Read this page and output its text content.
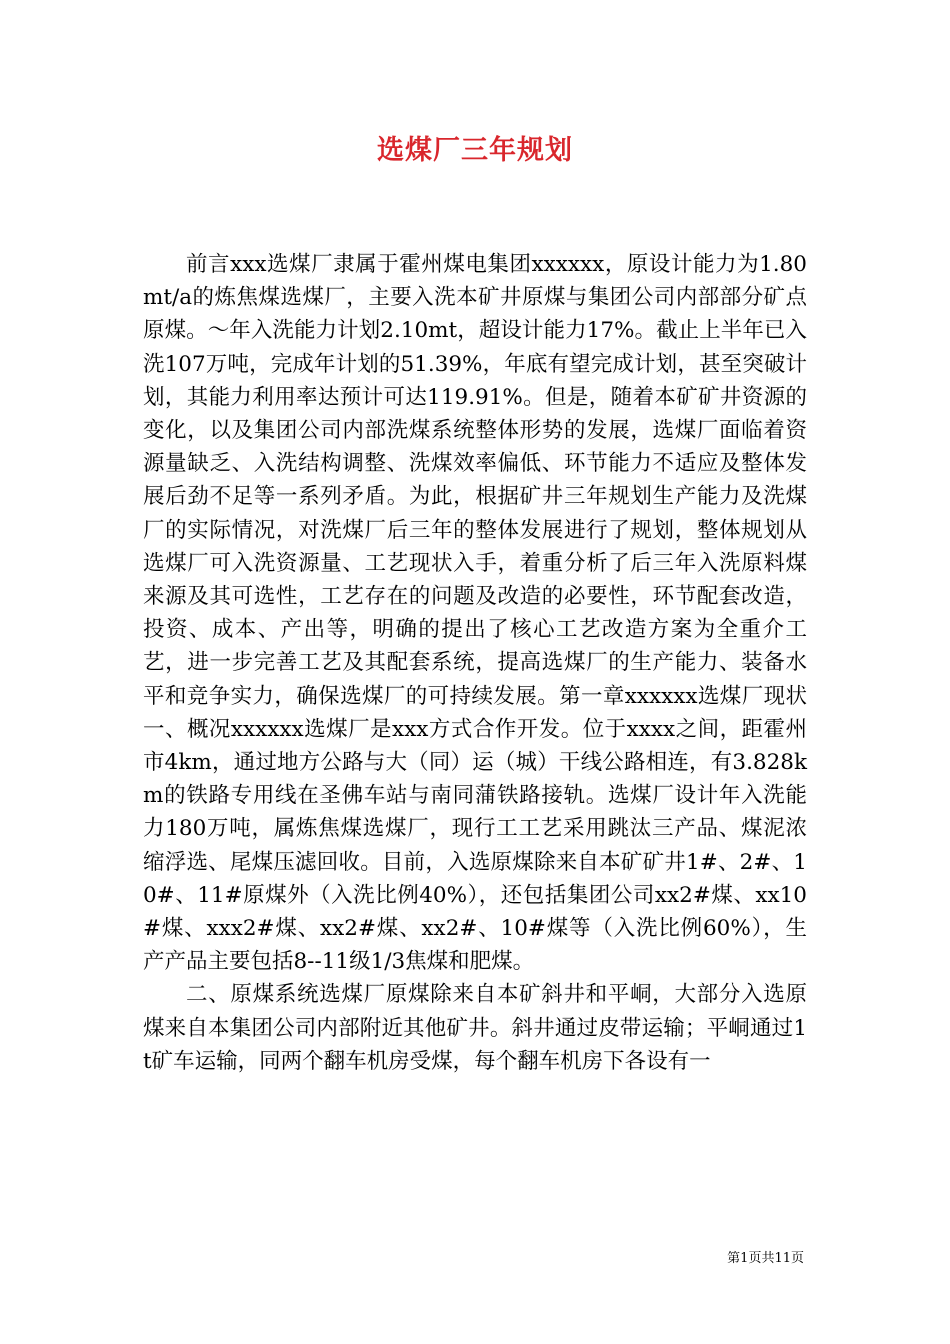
选煤厂三年规划

前言xxx选煤厂隶属于霍州煤电集团xxxxxx，原设计能力为1.80mt/a的炼焦煤选煤厂，主要入洗本矿井原煤与集团公司内部部分矿点原煤。～年入洗能力计划2.10mt，超设计能力17%。截止上半年已入洗107万吨，完成年计划的51.39%，年底有望完成计划，甚至突破计划，其能力利用率达预计可达119.91%。但是，随着本矿矿井资源的变化，以及集团公司内部洗煤系统整体形势的发展，选煤厂面临着资源量缺乏、入洗结构调整、洗煤效率偏低、环节能力不适应及整体发展后劲不足等一系列矛盾。为此，根据矿井三年规划生产能力及洗煤厂的实际情况，对洗煤厂后三年的整体发展进行了规划，整体规划从选煤厂可入洗资源量、工艺现状入手，着重分析了后三年入洗原料煤来源及其可选性，工艺存在的问题及改造的必要性，环节配套改造，投资、成本、产出等，明确的提出了核心工艺改造方案为全重介工艺，进一步完善工艺及其配套系统，提高选煤厂的生产能力、装备水平和竞争实力，确保选煤厂的可持续发展。第一章xxxxxx选煤厂现状一、概况xxxxxx选煤厂是xxx方式合作开发。位于xxxx之间，距霍州市4km，通过地方公路与大（同）运（城）干线公路相连，有3.828km的铁路专用线在圣佛车站与南同蒲铁路接轨。选煤厂设计年入洗能力180万吨，属炼焦煤选煤厂，现行工工艺采用跳汰三产品、煤泥浓缩浮选、尾煤压滤回收。目前，入选原煤除来自本矿矿井1#、2#、10#、11#原煤外（入洗比例40%），还包括集团公司xx2#煤、xx10#煤、xxx2#煤、xx2#煤、xx2#、10#煤等（入洗比例60%），生产产品主要包括8--11级1/3焦煤和肥煤。

二、原煤系统选煤厂原煤除来自本矿斜井和平峒，大部分入选原煤来自本集团公司内部附近其他矿井。斜井通过皮带运输；平峒通过1t矿车运输，同两个翻车机房受煤，每个翻车机房下各设有一

第1页共11页
